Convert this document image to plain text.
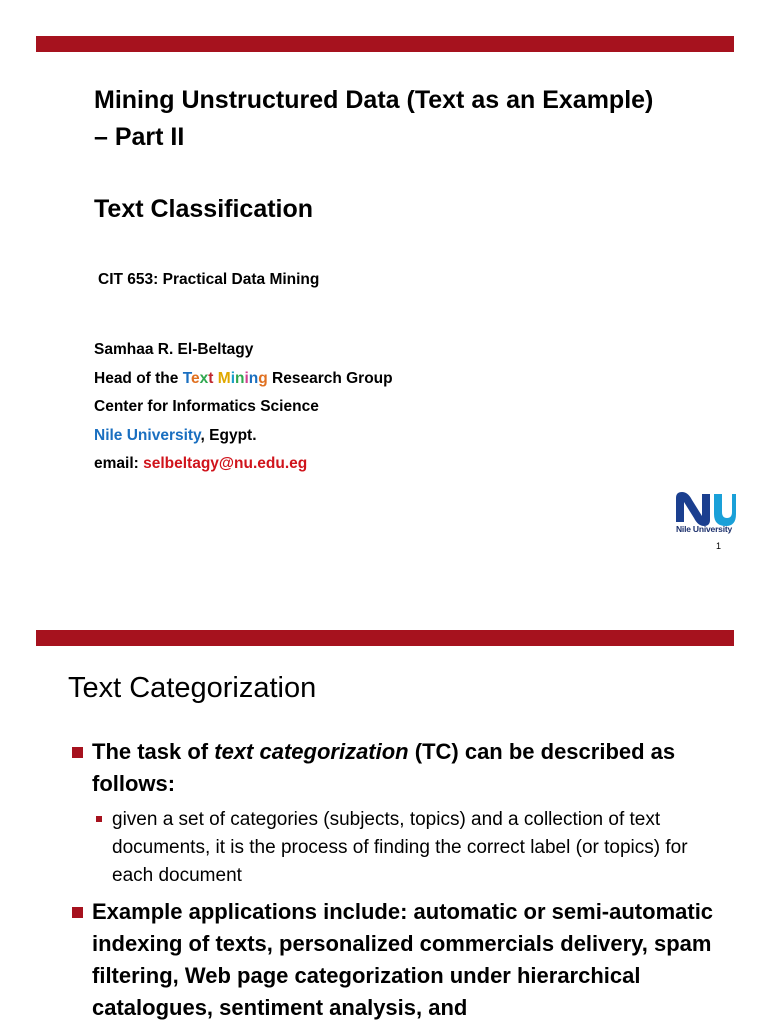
Mining Unstructured Data (Text as an Example) – Part II
Text Classification
CIT 653: Practical Data Mining
Samhaa R. El-Beltagy
Head of the Text Mining Research Group
Center for Informatics Science
Nile University, Egypt.
email: selbeltagy@nu.edu.eg
Nile University
1
Text Categorization
The task of text categorization (TC) can be described as follows:
given a set of categories (subjects, topics) and a collection of text documents, it is the process of finding the correct label (or topics) for each document
Example applications include: automatic or semi-automatic indexing of texts, personalized commercials delivery, spam filtering, Web page categorization under hierarchical catalogues, sentiment analysis, and
